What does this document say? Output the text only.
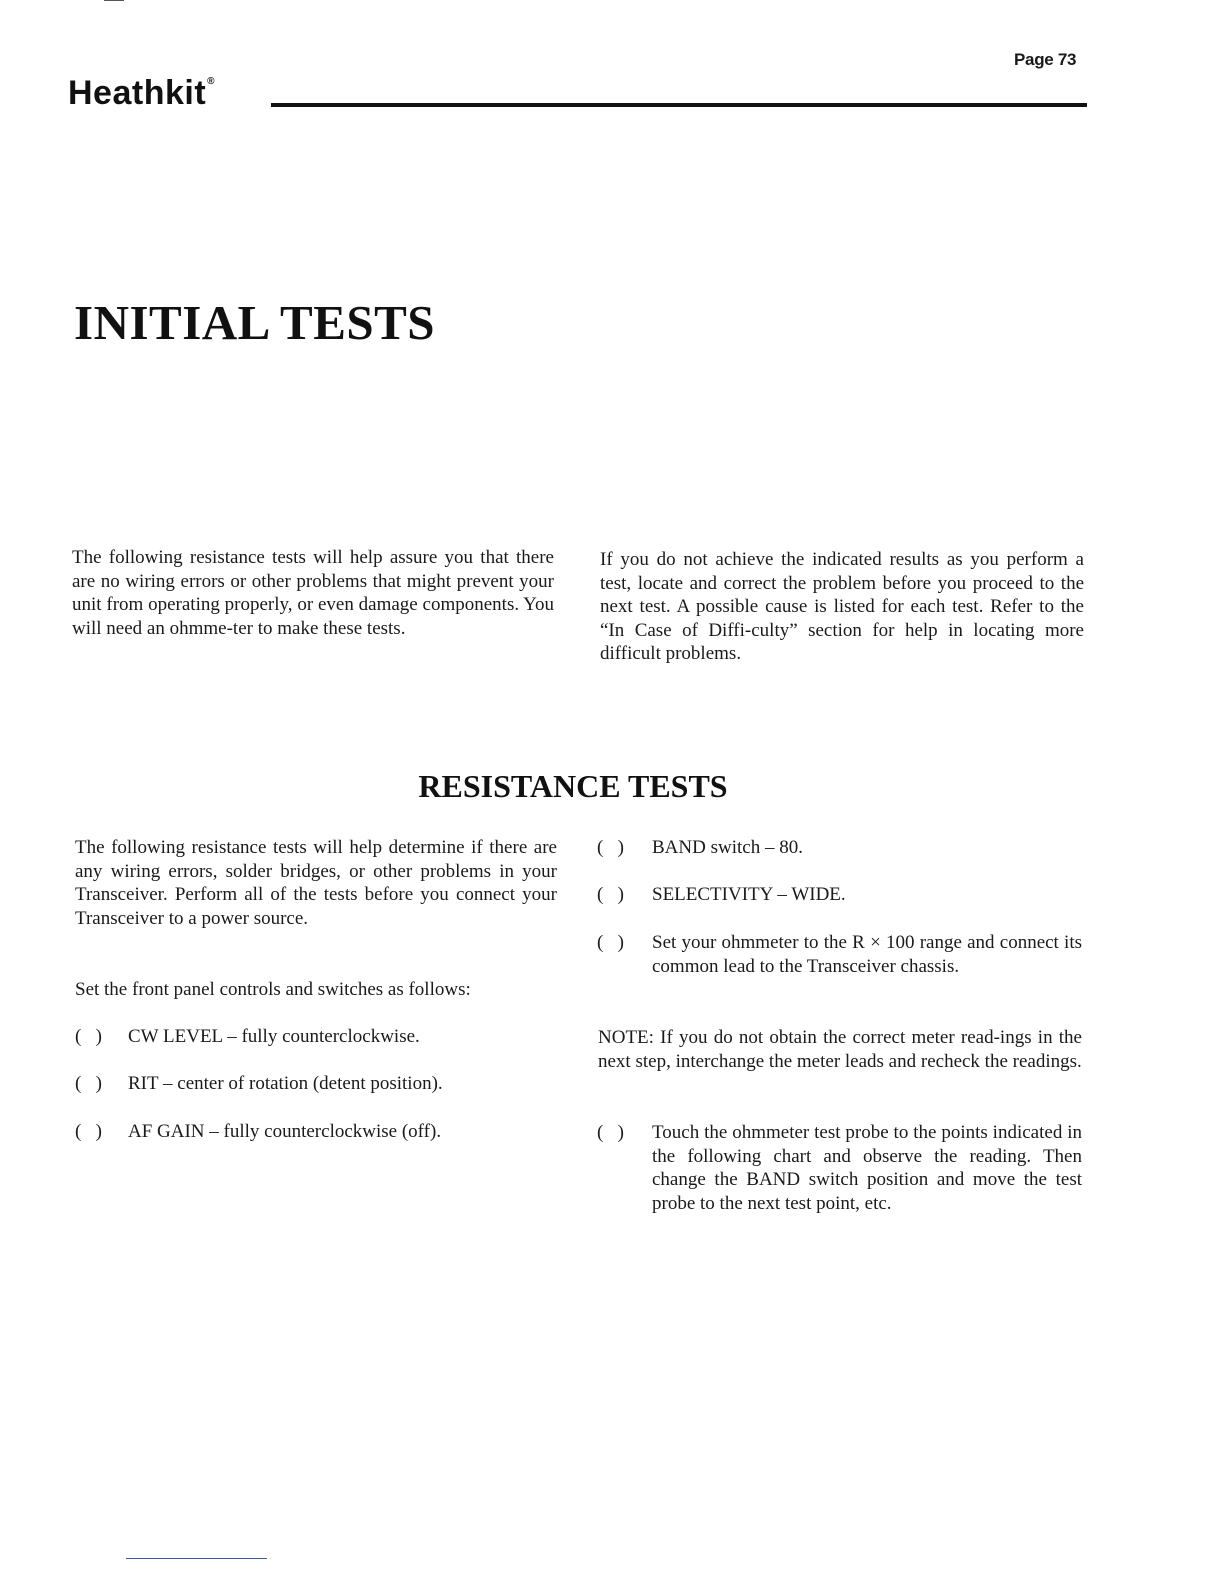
Page 73
Heathkit®
INITIAL TESTS
The following resistance tests will help assure you that there are no wiring errors or other problems that might prevent your unit from operating properly, or even damage components. You will need an ohmme-ter to make these tests.
If you do not achieve the indicated results as you perform a test, locate and correct the problem before you proceed to the next test. A possible cause is listed for each test. Refer to the “In Case of Diffi-culty” section for help in locating more difficult problems.
RESISTANCE TESTS
The following resistance tests will help determine if there are any wiring errors, solder bridges, or other problems in your Transceiver. Perform all of the tests before you connect your Transceiver to a power source.
Set the front panel controls and switches as follows:
(   )	CW LEVEL – fully counterclockwise.
(   )	RIT – center of rotation (detent position).
(   )	AF GAIN – fully counterclockwise (off).
(   )	BAND switch – 80.
(   )	SELECTIVITY – WIDE.
(   )	Set your ohmmeter to the R × 100 range and connect its common lead to the Transceiver chassis.
NOTE: If you do not obtain the correct meter read-ings in the next step, interchange the meter leads and recheck the readings.
(   )	Touch the ohmmeter test probe to the points indicated in the following chart and observe the reading. Then change the BAND switch position and move the test probe to the next test point, etc.
